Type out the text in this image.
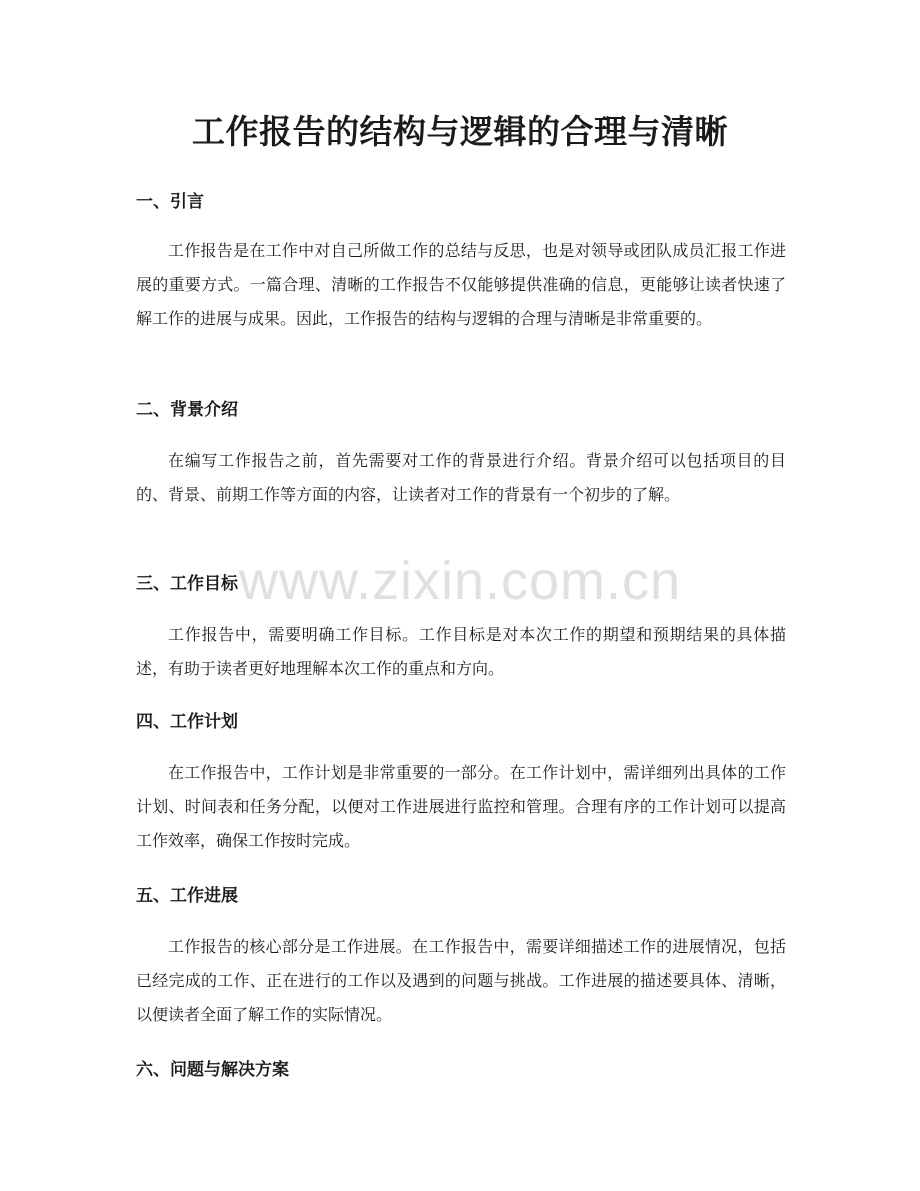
工作报告的结构与逻辑的合理与清晰
一、引言

工作报告是在工作中对自己所做工作的总结与反思，也是对领导或团队成员汇报工作进展的重要方式。一篇合理、清晰的工作报告不仅能够提供准确的信息，更能够让读者快速了解工作的进展与成果。因此，工作报告的结构与逻辑的合理与清晰是非常重要的。

二、背景介绍

在编写工作报告之前，首先需要对工作的背景进行介绍。背景介绍可以包括项目的目的、背景、前期工作等方面的内容，让读者对工作的背景有一个初步的了解。

三、工作目标

工作报告中，需要明确工作目标。工作目标是对本次工作的期望和预期结果的具体描述，有助于读者更好地理解本次工作的重点和方向。

四、工作计划

在工作报告中，工作计划是非常重要的一部分。在工作计划中，需详细列出具体的工作计划、时间表和任务分配，以便对工作进展进行监控和管理。合理有序的工作计划可以提高工作效率，确保工作按时完成。

五、工作进展

工作报告的核心部分是工作进展。在工作报告中，需要详细描述工作的进展情况，包括已经完成的工作、正在进行的工作以及遇到的问题与挑战。工作进展的描述要具体、清晰，以便读者全面了解工作的实际情况。

六、问题与解决方案
www.zixin.com.cn
